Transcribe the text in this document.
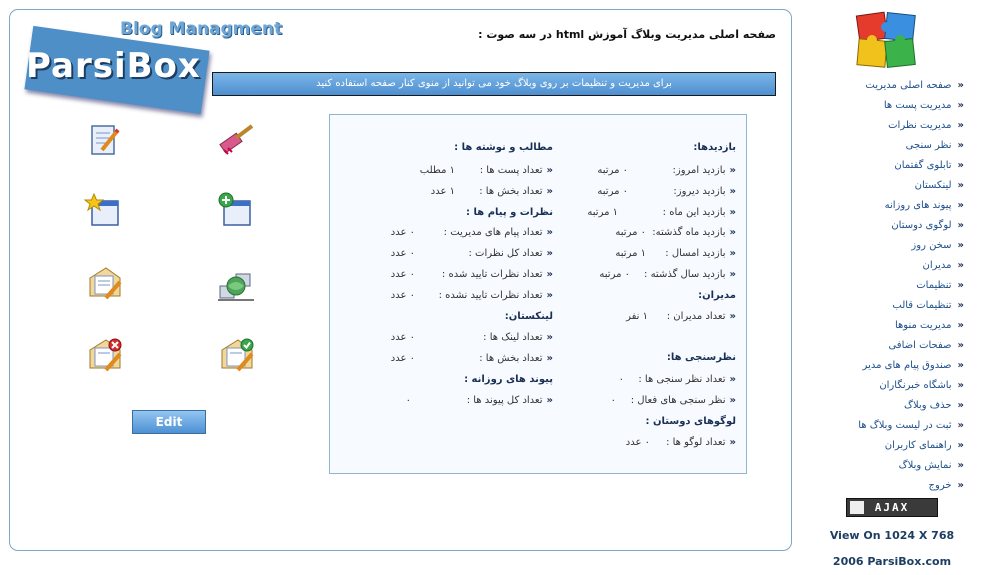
Blog Managment
ParsiBox
صفحه اصلی مدیریت وبلاگ آموزش html در سه صوت :
برای مدیریت و تنظیمات بر روی وبلاگ خود می توانید از منوی کنار صفحه استفاده کنید
Edit
بازدیدها:
«بازدید امروز:
۰ مرتبه
«بازدید دیروز:
۰ مرتبه
«بازدید این ماه :
۱ مرتبه
«بازدید ماه گذشته:
۰ مرتبه
«بازدید امسال :
۱ مرتبه
«بازدید سال گذشته :
۰ مرتبه
مدیران:
«تعداد مدیران :
۱ نفر
نظرسنجی ها:
«تعداد نظر سنجی ها :
۰
«نظر سنجی های فعال :
۰
لوگوهای دوستان :
«تعداد لوگو ها :
۰ عدد
مطالب و نوشته ها :
«تعداد پست ها :
۱ مطلب
«تعداد بخش ها :
۱ عدد
نظرات و پیام ها :
«تعداد پیام های مدیریت :
۰ عدد
«تعداد کل نظرات :
۰ عدد
«تعداد نظرات تایید شده :
۰ عدد
«تعداد نظرات تایید نشده :
۰ عدد
لینکستان:
«تعداد لینک ها :
۰ عدد
«تعداد بخش ها :
۰ عدد
پیوند های روزانه :
«تعداد کل پیوند ها :
۰
«صفحه اصلی مدیریت
«مدیریت پست ها
«مدیریت نظرات
«نظر سنجی
«تابلوی گفتمان
«لینکستان
«پیوند های روزانه
«لوگوی دوستان
«سخن روز
«مدیران
«تنظیمات
«تنظیمات قالب
«مدیریت منوها
«صفحات اضافی
«صندوق پیام های مدیر
«باشگاه خبرنگاران
«حذف وبلاگ
«ثبت در لیست وبلاگ ها
«راهنمای کاربران
«نمایش وبلاگ
«خروج
AJAX
View On 1024 X 768
2006 ParsiBox.com
